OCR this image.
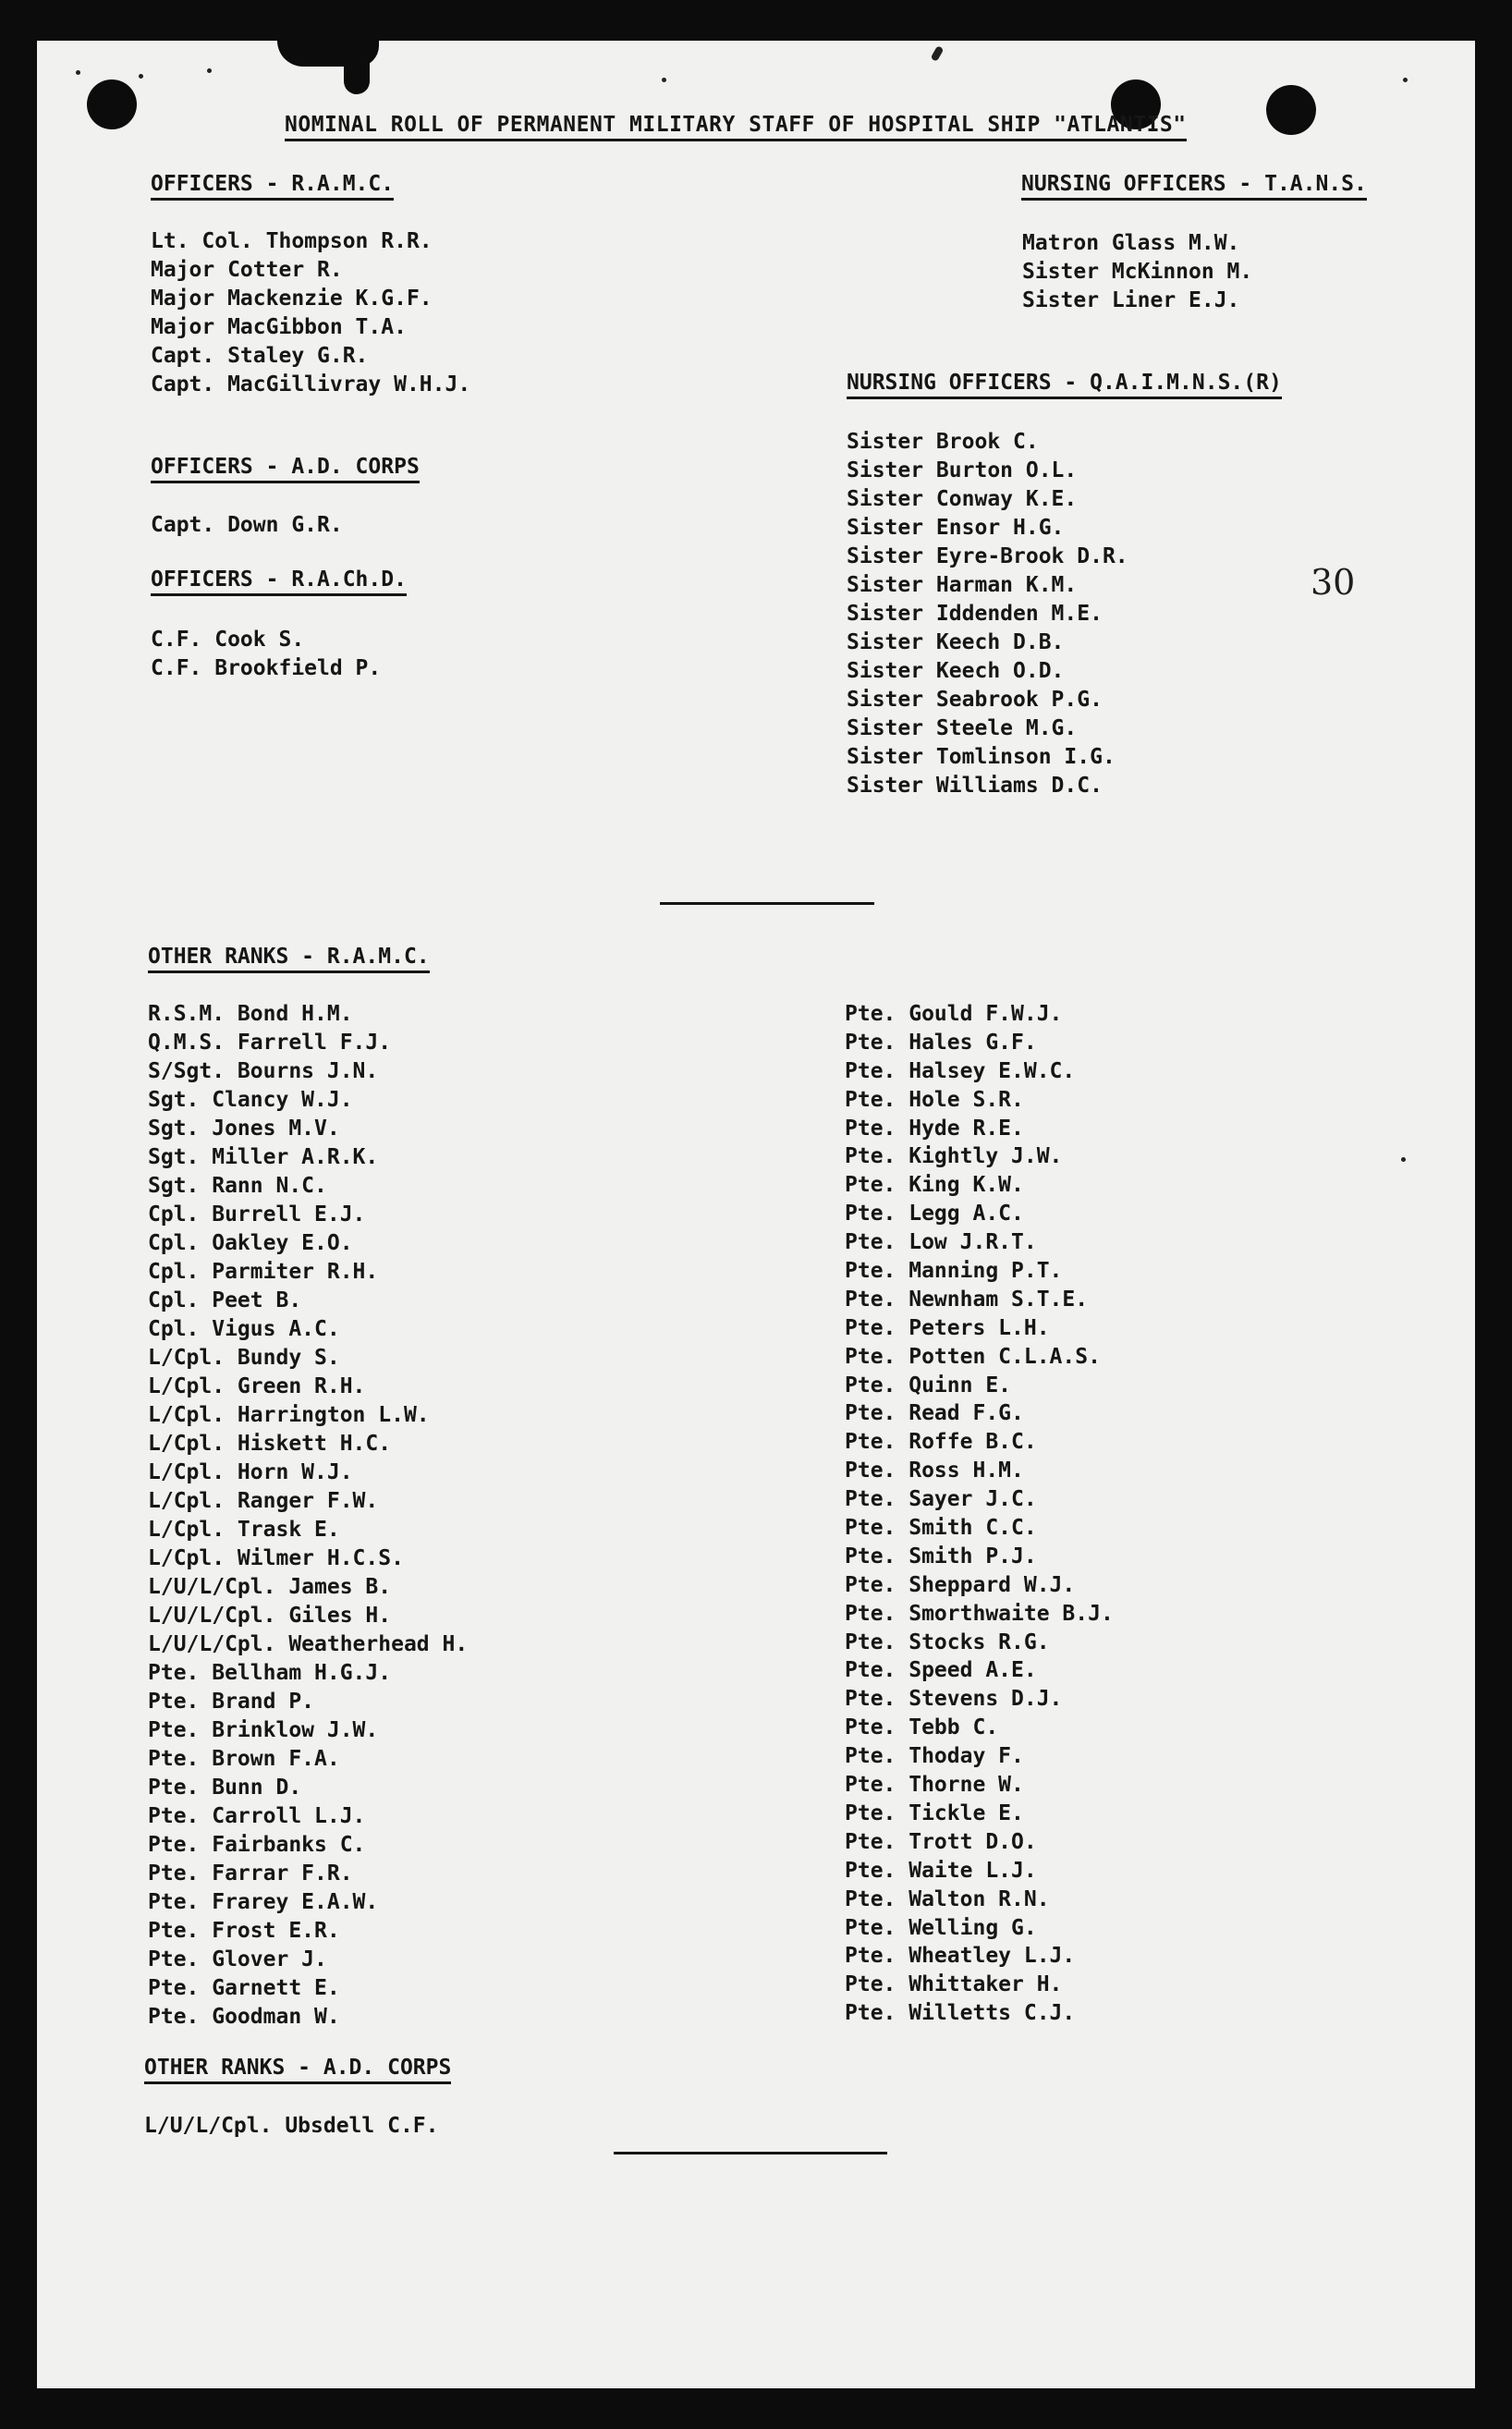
NOMINAL ROLL OF PERMANENT MILITARY STAFF OF HOSPITAL SHIP "ATLANTIS"

OFFICERS - R.A.M.C.

Lt. Col. Thompson R.R.
Major Cotter R.
Major Mackenzie K.G.F.
Major MacGibbon T.A.
Capt. Staley G.R.
Capt. MacGillivray W.H.J.

OFFICERS - A.D. CORPS

Capt. Down G.R.

OFFICERS - R.A.Ch.D.

C.F. Cook S.
C.F. Brookfield P.

NURSING OFFICERS - T.A.N.S.

Matron Glass M.W.
Sister McKinnon M.
Sister Liner E.J.

NURSING OFFICERS - Q.A.I.M.N.S.(R)

Sister Brook C.
Sister Burton O.L.
Sister Conway K.E.
Sister Ensor H.G.
Sister Eyre-Brook D.R.
Sister Harman K.M.
Sister Iddenden M.E.
Sister Keech D.B.
Sister Keech O.D.
Sister Seabrook P.G.
Sister Steele M.G.
Sister Tomlinson I.G.
Sister Williams D.C.

30

OTHER RANKS - R.A.M.C.

R.S.M. Bond H.M.
Q.M.S. Farrell F.J.
S/Sgt. Bourns J.N.
Sgt. Clancy W.J.
Sgt. Jones M.V.
Sgt. Miller A.R.K.
Sgt. Rann N.C.
Cpl. Burrell E.J.
Cpl. Oakley E.O.
Cpl. Parmiter R.H.
Cpl. Peet B.
Cpl. Vigus A.C.
L/Cpl. Bundy S.
L/Cpl. Green R.H.
L/Cpl. Harrington L.W.
L/Cpl. Hiskett H.C.
L/Cpl. Horn W.J.
L/Cpl. Ranger F.W.
L/Cpl. Trask E.
L/Cpl. Wilmer H.C.S.
L/U/L/Cpl. James B.
L/U/L/Cpl. Giles H.
L/U/L/Cpl. Weatherhead H.
Pte. Bellham H.G.J.
Pte. Brand P.
Pte. Brinklow J.W.
Pte. Brown F.A.
Pte. Bunn D.
Pte. Carroll L.J.
Pte. Fairbanks C.
Pte. Farrar F.R.
Pte. Frarey E.A.W.
Pte. Frost E.R.
Pte. Glover J.
Pte. Garnett E.
Pte. Goodman W.
Pte. Gould F.W.J.
Pte. Hales G.F.
Pte. Halsey E.W.C.
Pte. Hole S.R.
Pte. Hyde R.E.
Pte. Kightly J.W.
Pte. King K.W.
Pte. Legg A.C.
Pte. Low J.R.T.
Pte. Manning P.T.
Pte. Newnham S.T.E.
Pte. Peters L.H.
Pte. Potten C.L.A.S.
Pte. Quinn E.
Pte. Read F.G.
Pte. Roffe B.C.
Pte. Ross H.M.
Pte. Sayer J.C.
Pte. Smith C.C.
Pte. Smith P.J.
Pte. Sheppard W.J.
Pte. Smorthwaite B.J.
Pte. Stocks R.G.
Pte. Speed A.E.
Pte. Stevens D.J.
Pte. Tebb C.
Pte. Thoday F.
Pte. Thorne W.
Pte. Tickle E.
Pte. Trott D.O.
Pte. Waite L.J.
Pte. Walton R.N.
Pte. Welling G.
Pte. Wheatley L.J.
Pte. Whittaker H.
Pte. Willetts C.J.

OTHER RANKS - A.D. CORPS

L/U/L/Cpl. Ubsdell C.F.
